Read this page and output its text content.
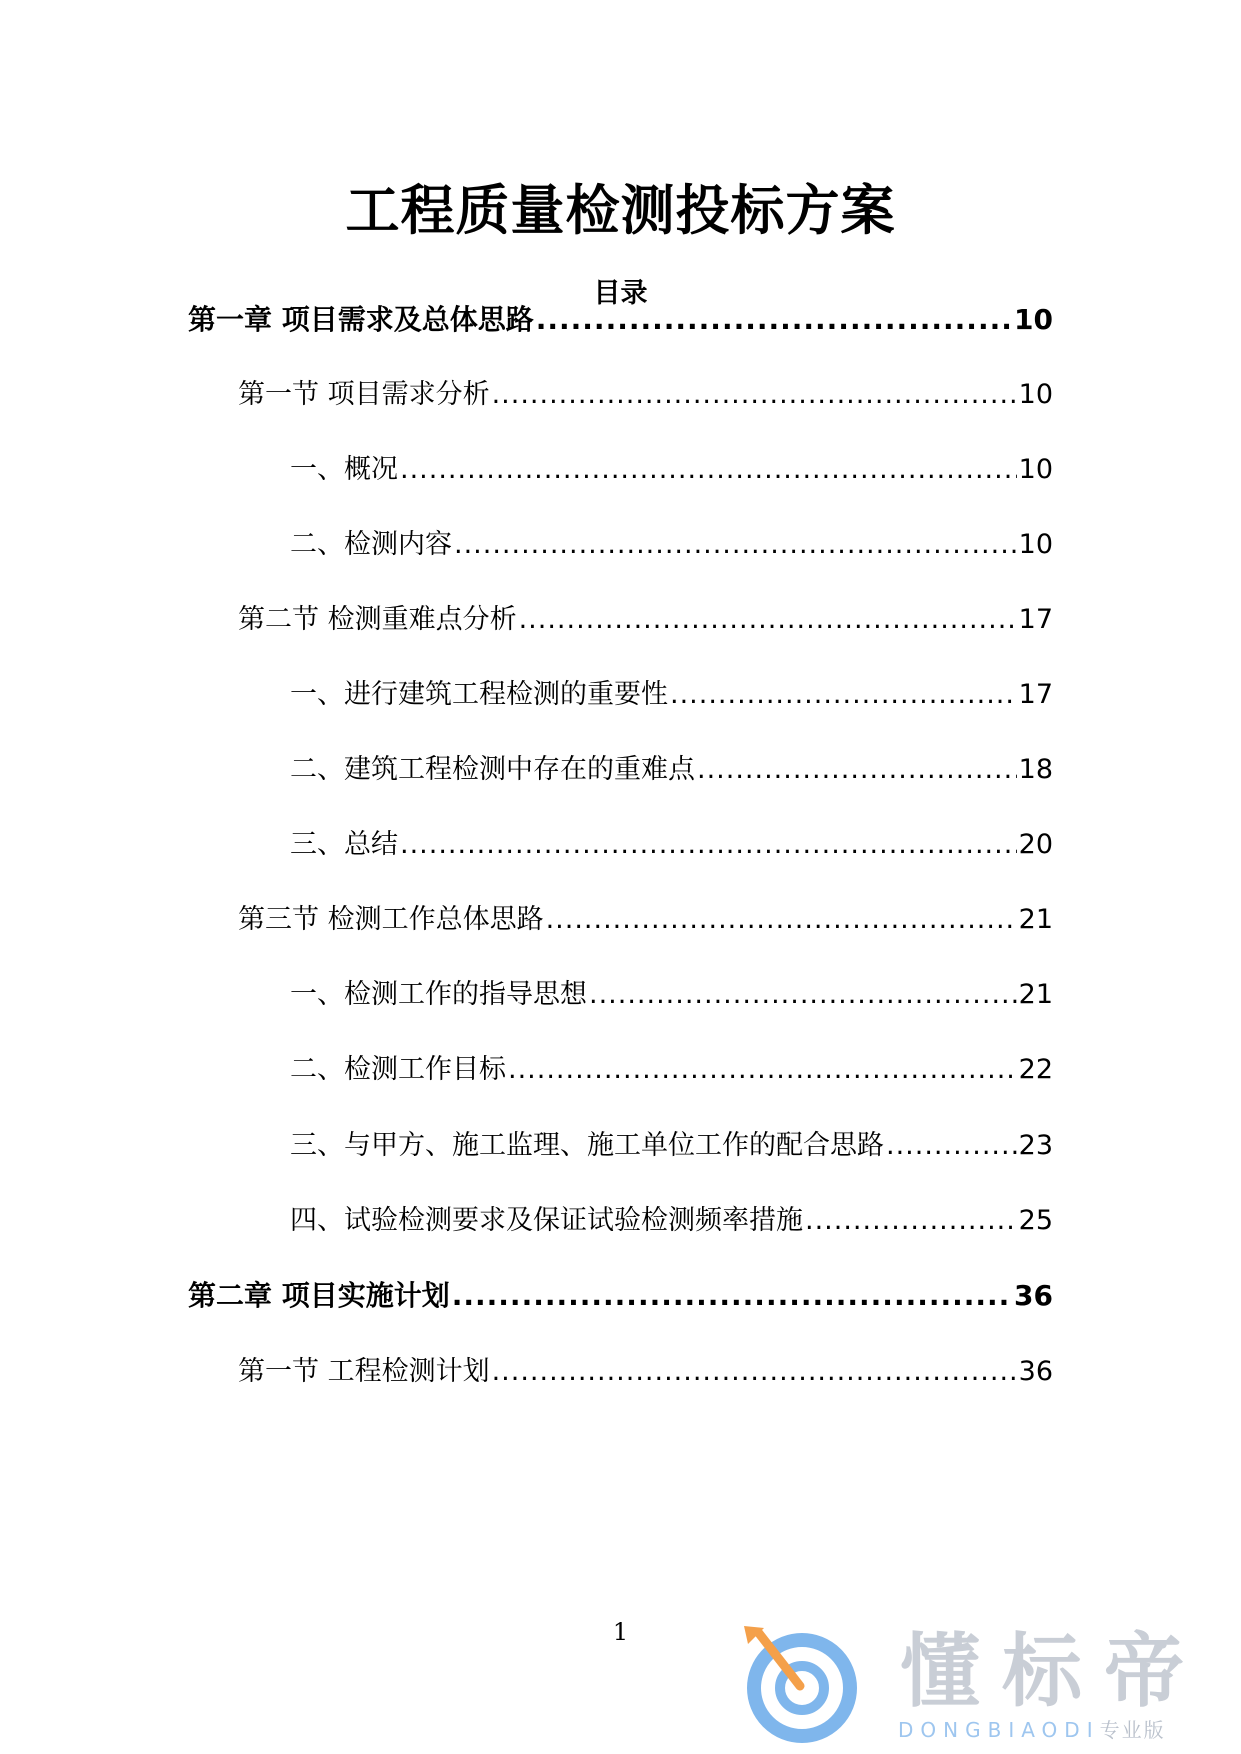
工程质量检测投标方案
目录
第一章 项目需求及总体思路 .....	10
第一节 项目需求分析 .....	10
一、概况 .....	10
二、检测内容 .....	10
第二节 检测重难点分析 .....	17
一、进行建筑工程检测的重要性 .....	17
二、建筑工程检测中存在的重难点 .....	18
三、总结 .....	20
第三节 检测工作总体思路 .....	21
一、检测工作的指导思想 .....	21
二、检测工作目标 .....	22
三、与甲方、施工监理、施工单位工作的配合思路 .....	23
四、试验检测要求及保证试验检测频率措施 .....	25
第二章 项目实施计划 .....	36
第一节 工程检测计划 .....	36
1	懂标帝
DONGBIAODI专业版
